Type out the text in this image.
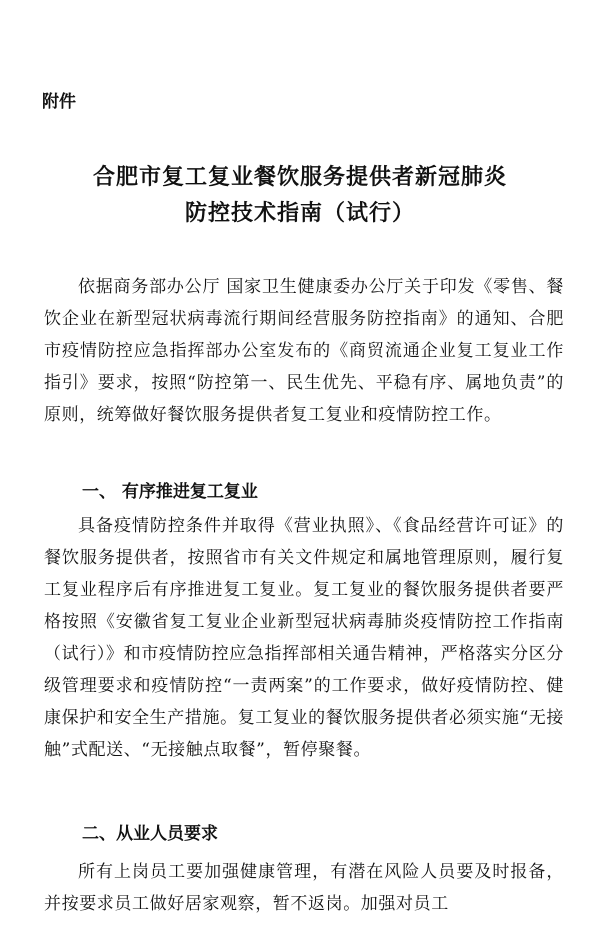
附件

合肥市复工复业餐饮服务提供者新冠肺炎
防控技术指南（试行）

依据商务部办公厅 国家卫生健康委办公厅关于印发《零售、餐饮企业在新型冠状病毒流行期间经营服务防控指南》的通知、合肥市疫情防控应急指挥部办公室发布的《商贸流通企业复工复业工作指引》要求，按照“防控第一、民生优先、平稳有序、属地负责”的原则，统筹做好餐饮服务提供者复工复业和疫情防控工作。

一、 有序推进复工复业

具备疫情防控条件并取得《营业执照》、《食品经营许可证》的餐饮服务提供者，按照省市有关文件规定和属地管理原则，履行复工复业程序后有序推进复工复业。复工复业的餐饮服务提供者要严格按照《安徽省复工复业企业新型冠状病毒肺炎疫情防控工作指南（试行）》和市疫情防控应急指挥部相关通告精神，严格落实分区分级管理要求和疫情防控“一责两案”的工作要求，做好疫情防控、健康保护和安全生产措施。复工复业的餐饮服务提供者必须实施“无接触”式配送、“无接触点取餐”，暂停聚餐。

二、从业人员要求

所有上岗员工要加强健康管理，有潜在风险人员要及时报备，并按要求员工做好居家观察，暂不返岗。加强对员工
